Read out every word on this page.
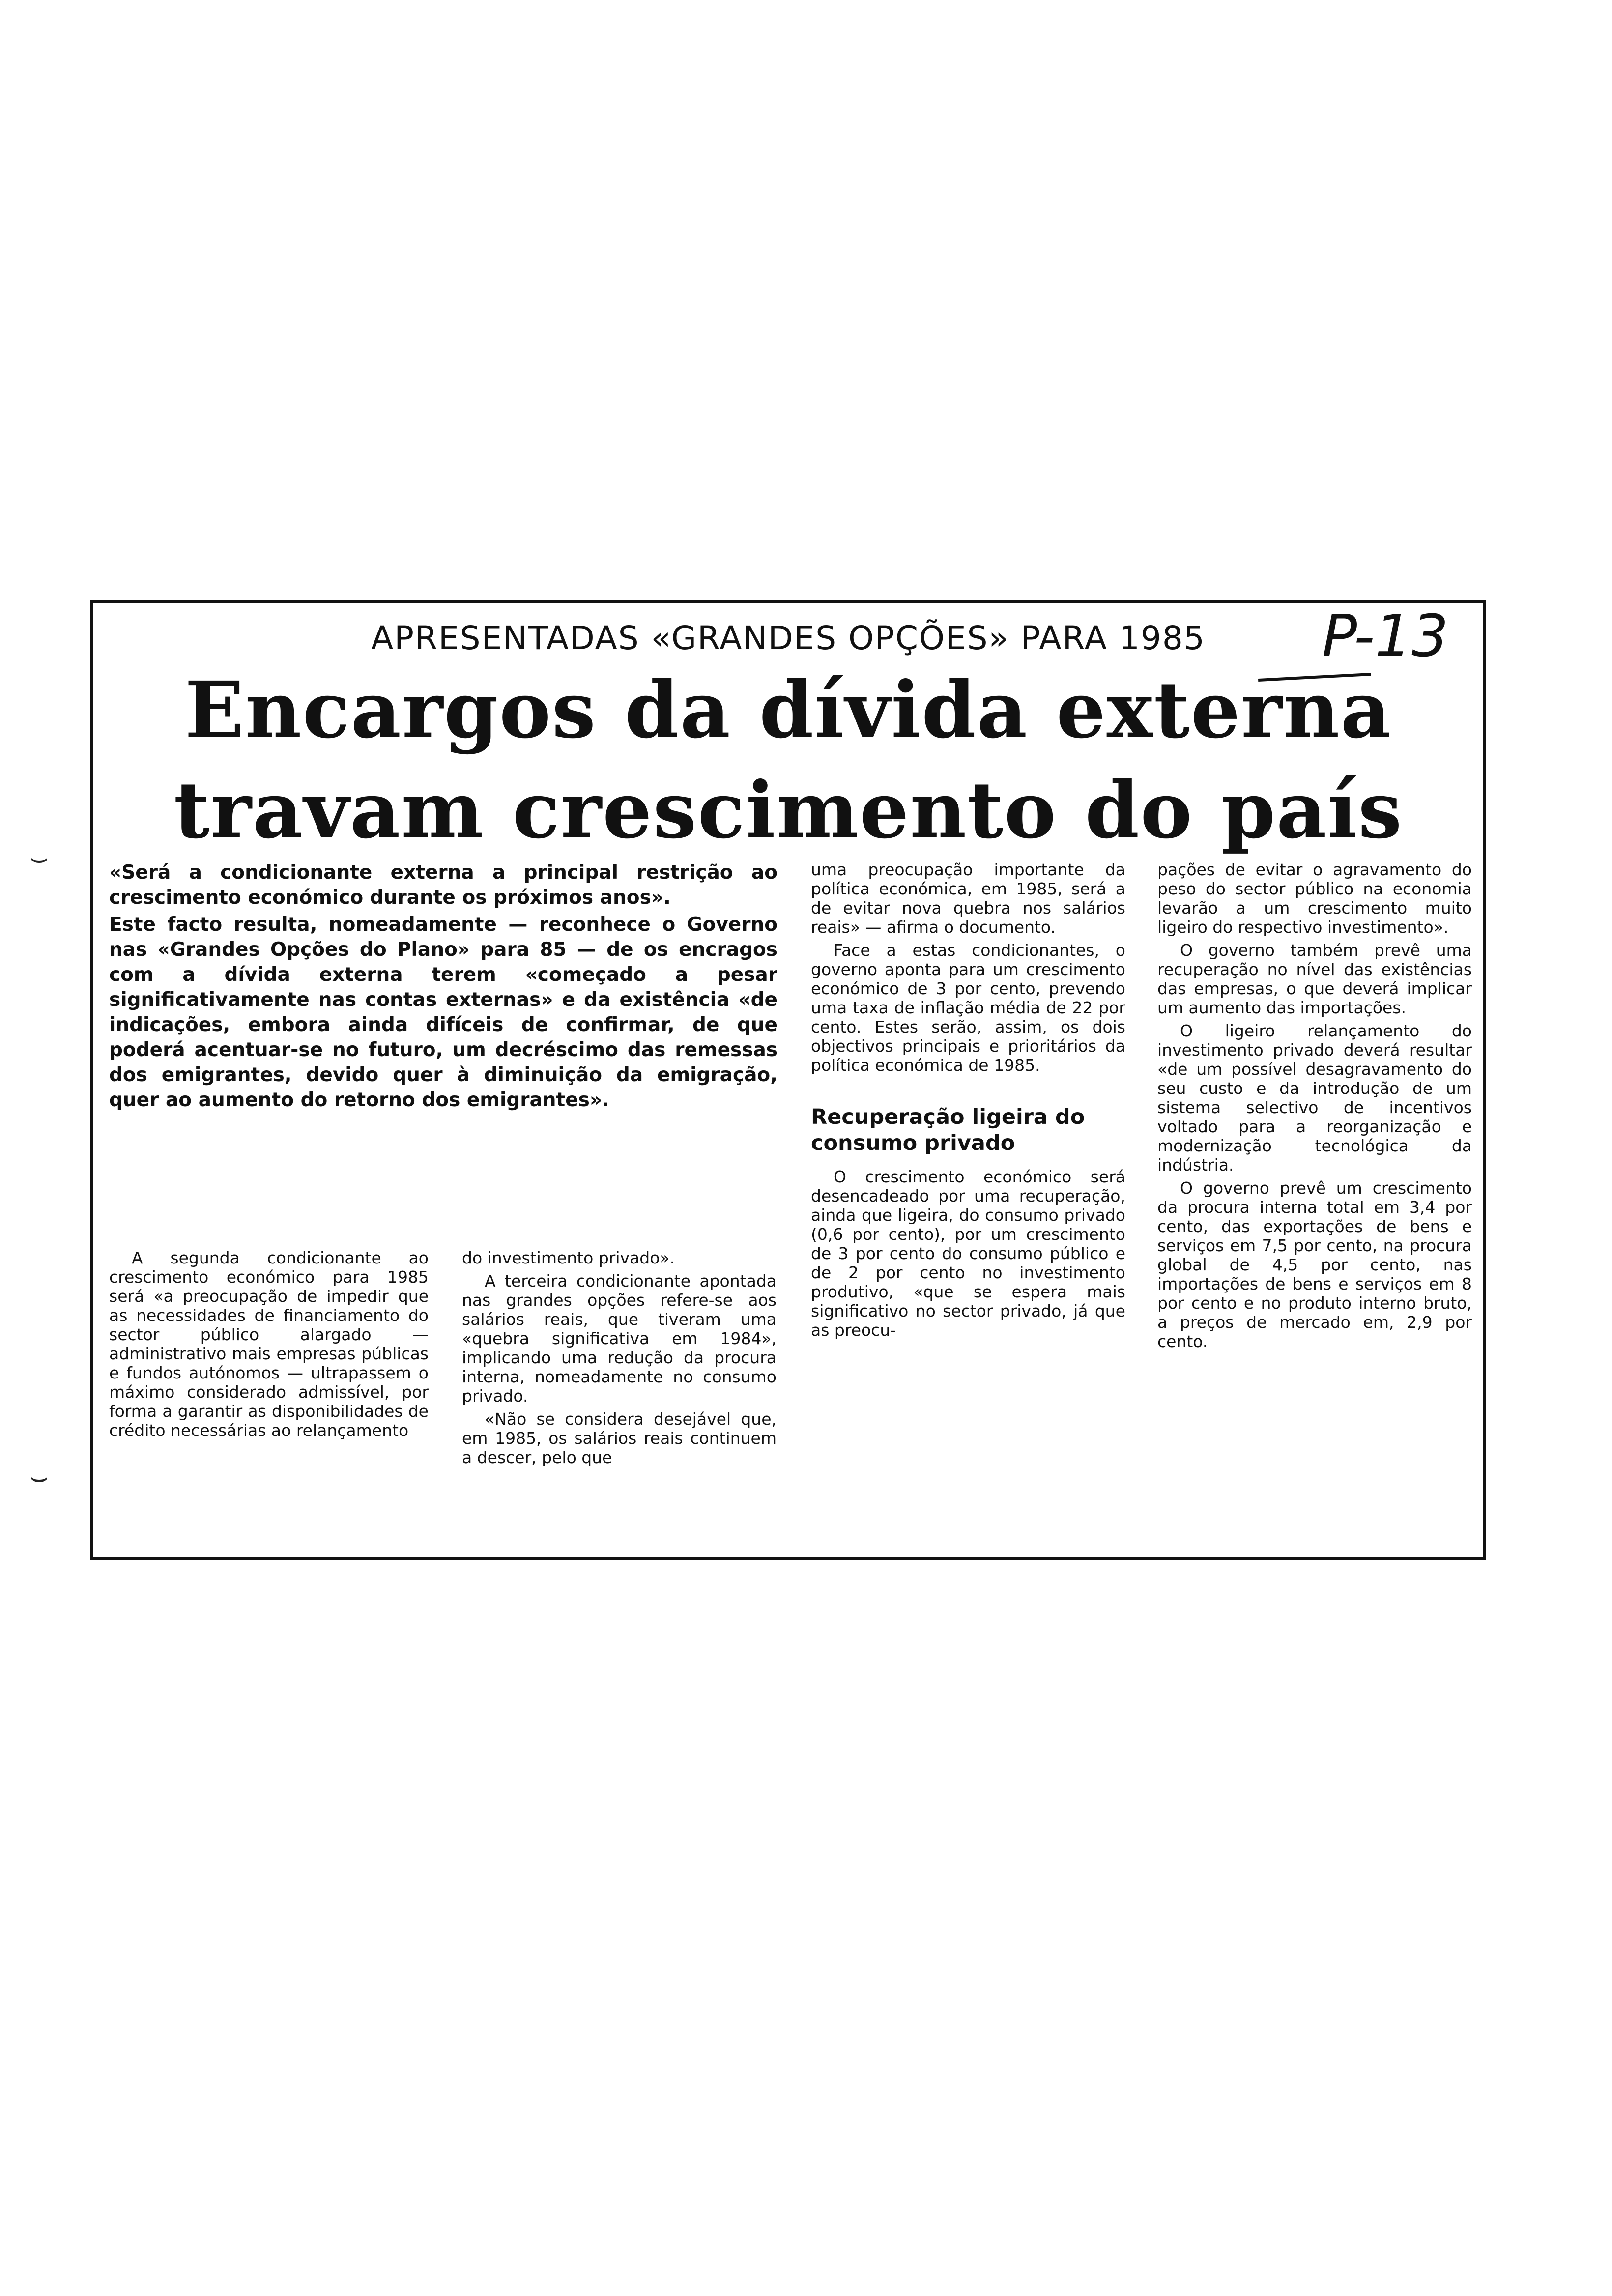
⌣
⌣
P-13
APRESENTADAS «GRANDES OPÇÕES» PARA 1985
Encargos da dívida externa
travam crescimento do país

«Será a condicionante externa a principal restrição ao crescimento económico durante os próximos anos».

Este facto resulta, nomeadamente — reconhece o Governo nas «Grandes Opções do Plano» para 85 — de os encragos com a dívida externa terem «começado a pesar significativamente nas contas externas» e da existência «de indicações, embora ainda difíceis de confirmar, de que poderá acentuar-se no futuro, um decréscimo das remessas dos emigrantes, devido quer à diminuição da emigração, quer ao aumento do retorno dos emigrantes».

A segunda condicionante ao crescimento económico para 1985 será «a preocupação de impedir que as necessidades de financiamento do sector público alargado — administrativo mais empresas públicas e fundos autónomos — ultrapassem o máximo considerado admissível, por forma a garantir as disponibilidades de crédito necessárias ao relançamento

do investimento privado».

A terceira condicionante apontada nas grandes opções refere-se aos salários reais, que tiveram uma «quebra significativa em 1984», implicando uma redução da procura interna, nomeadamente no consumo privado.

«Não se considera desejável que, em 1985, os salários reais continuem a descer, pelo que

uma preocupação importante da política económica, em 1985, será a de evitar nova quebra nos salários reais» — afirma o documento.

Face a estas condicionantes, o governo aponta para um crescimento económico de 3 por cento, prevendo uma taxa de inflação média de 22 por cento. Estes serão, assim, os dois objectivos principais e prioritários da política económica de 1985.

Recuperação ligeira do consumo privado

O crescimento económico será desencadeado por uma recuperação, ainda que ligeira, do consumo privado (0,6 por cento), por um crescimento de 3 por cento do consumo público e de 2 por cento no investimento produtivo, «que se espera mais significativo no sector privado, já que as preocu-

pações de evitar o agravamento do peso do sector público na economia levarão a um crescimento muito ligeiro do respectivo investimento».

O governo também prevê uma recuperação no nível das existências das empresas, o que deverá implicar um aumento das importações.

O ligeiro relançamento do investimento privado deverá resultar «de um possível desagravamento do seu custo e da introdução de um sistema selectivo de incentivos voltado para a reorganização e modernização tecnológica da indústria.

O governo prevê um crescimento da procura interna total em 3,4 por cento, das exportações de bens e serviços em 7,5 por cento, na procura global de 4,5 por cento, nas importações de bens e serviços em 8 por cento e no produto interno bruto, a preços de mercado em, 2,9 por cento.
